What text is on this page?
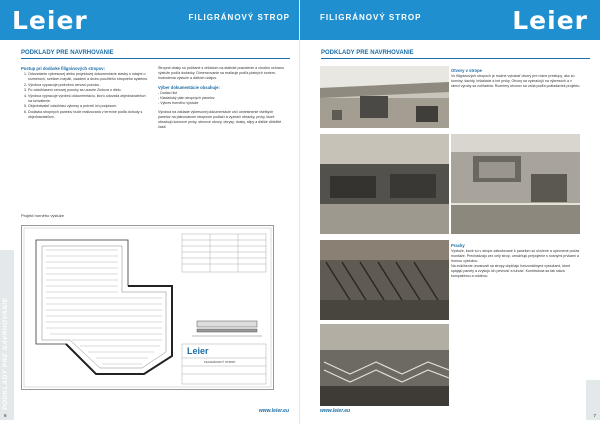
Leier	FILIGRÁNOVÝ STROP
PODKLADY PRE NAVRHOVANIE
Postup pri dodávke filigránových stropov:
1. Odovzdanie výkresovej alebo projektovej dokumentácie stavby s údajmi o rozmeroch, svetlom rozpätí, osadení a druhu použitého stropného systému.
2. Výrobca vypracuje podrobnú cenovú ponuku.
3. Po odsúhlasení cenovej ponuky sa uzavrie Zmluva o dielo.
4. Výrobca vypracuje výrobnú dokumentáciu, ktorú odovzdá objednávateľovi na schválenie.
5. Objednávateľ odsúhlasí výkresy a potvrdí ich podpisom.
6. Dodávka stropných panelov bude realizovaná v termíne podľa dohody s objednávateľom.

Stropné dosky sú počítané s ohľadom na statické posúdenie a vhodnú ochranu výstuže podľa dodávky. Dimenzovanie sa realizuje podľa platných noriem, hodnotenia výstuže a ďalších údajov.

Výber dokumentácie obsahuje:
- Dodací list
- Kladačský plán stropných panelov
- Výkres horného výstuže

Výrobca na základe výkresovej dokumentácie určí umiestnenie všetkých panelov na plánovanom stropnom podlaží a vyznačí obrázky, prvky, ktoré obsahujú koncové prvky, stenové otvory, obrysy, dosky, stĺpy a ďalšie dôležité časti.

Projekt horného výstuže
Leier
FILIGRÁNOVÝ STROP
PODKLADY PRE NAVRHOVANIE
6
www.leier.eu
FILIGRÁNOVÝ STROP	Leier
PODKLADY PRE NAVRHOVANIE
Otvory v strope

Vo filigránových stropoch je možné vytvárať otvory pre rôzne prestupy, ako sú komíny, šachty, inštalácie a iné prvky. Otvory sa vyznačujú na výkresoch a v rámci výroby sa zohľadnia. Rozmery otvorov sa určia podľa požiadaviek projektu.

Pracky

Výstuže, ktoré sú v strope zabudované k panelom sú uložené a upevnené počas montáže. Prechádzajú cez celý strop, umožňujú prepojenie s nosnými prvkami a hornou výstužou.

Na zväčšenie únosnosti sa stropy dopĺňajú horizontálnymi výstužami, ktoré spájajú panely a zvyšujú ich pevnosť a tuhosť. Konštrukcia sa tak stáva kompaktnou a odolnou.

7
www.leier.eu
